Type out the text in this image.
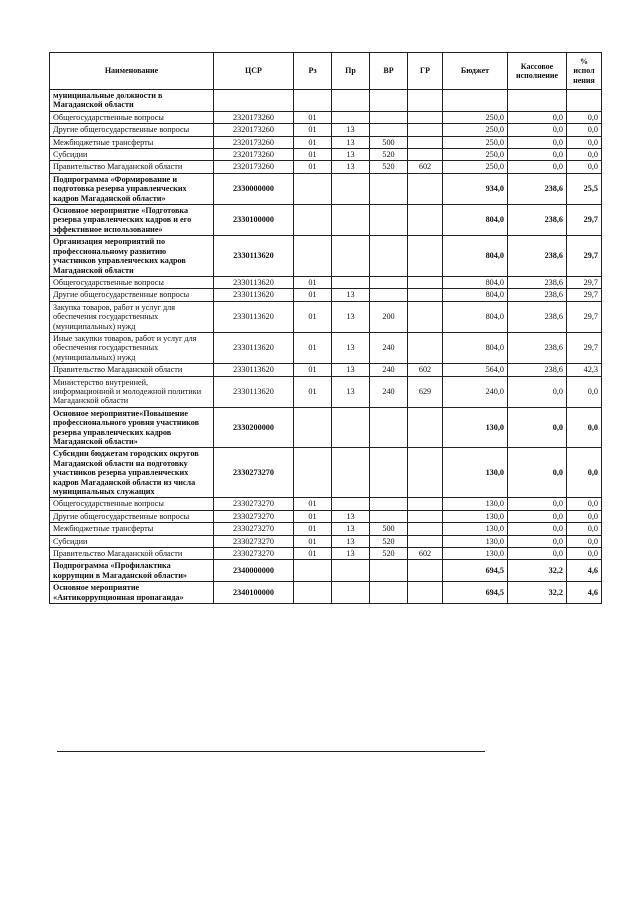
Наименование	ЦСР	Рз	Пр	ВР	ГР	Бюджет	Кассовое исполнение	% испол нения
муниципальные должности в Магаданской области								
Общегосударственные вопросы	2320173260	01				250,0	0,0	0,0
Другие общегосударственные вопросы	2320173260	01	13			250,0	0,0	0,0
Межбюджетные трансферты	2320173260	01	13	500		250,0	0,0	0,0
Субсидии	2320173260	01	13	520		250,0	0,0	0,0
Правительство Магаданской области	2320173260	01	13	520	602	250,0	0,0	0,0
Подпрограмма «Формирование и подготовка резерва управленческих кадров Магаданской области»	2330000000					934,0	238,6	25,5
Основное мероприятие «Подготовка резерва управленческих кадров и его эффективное использование»	2330100000					804,0	238,6	29,7
Организация мероприятий по профессиональному развитию участников управленческих кадров Магаданской области	2330113620					804,0	238,6	29,7
Общегосударственные вопросы	2330113620	01				804,0	238,6	29,7
Другие общегосударственные вопросы	2330113620	01	13			804,0	238,6	29,7
Закупка товаров, работ и услуг для обеспечения государственных (муниципальных) нужд	2330113620	01	13	200		804,0	238,6	29,7
Иные закупки товаров, работ и услуг для обеспечения государственных (муниципальных) нужд	2330113620	01	13	240		804,0	238,6	29,7
Правительство Магаданской области	2330113620	01	13	240	602	564,0	238,6	42,3
Министерство внутренней, информационной и молодежной политики Магаданской области	2330113620	01	13	240	629	240,0	0,0	0,0
Основное мероприятие«Повышение профессионального уровня участников резерва управленческих кадров Магаданской области»	2330200000					130,0	0,0	0,0
Субсидии бюджетам городских округов Магаданской области на подготовку участников резерва управленческих кадров Магаданской области из числа муниципальных служащих	2330273270					130,0	0,0	0,0
Общегосударственные вопросы	2330273270	01				130,0	0,0	0,0
Другие общегосударственные вопросы	2330273270	01	13			130,0	0,0	0,0
Межбюджетные трансферты	2330273270	01	13	500		130,0	0,0	0,0
Субсидии	2330273270	01	13	520		130,0	0,0	0,0
Правительство Магаданской области	2330273270	01	13	520	602	130,0	0,0	0,0
Подпрограмма «Профилактика коррупции в Магаданской области»	2340000000					694,5	32,2	4,6
Основное мероприятие «Антикоррупционная пропаганда»	2340100000					694,5	32,2	4,6
